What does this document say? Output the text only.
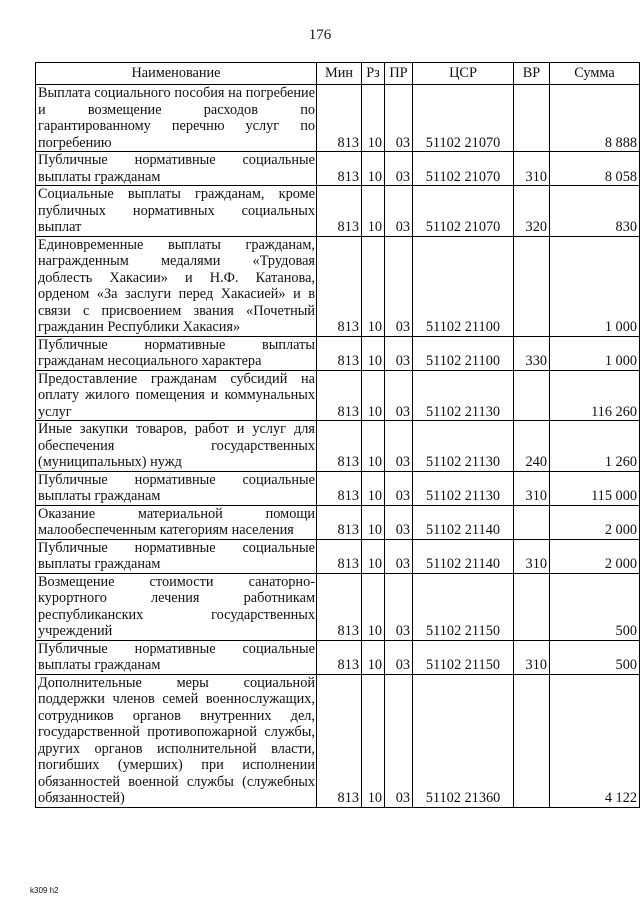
176
Наименование	Мин	Рз	ПР	ЦСР	ВР	Сумма
Выплата социального пособия на погребение и возмещение расходов по гарантированному перечню услуг по погребению	813	10	03	51102 21070		8 888
Публичные нормативные социальные выплаты гражданам	813	10	03	51102 21070	310	8 058
Социальные выплаты гражданам, кроме публичных нормативных социальных выплат	813	10	03	51102 21070	320	830
Единовременные выплаты гражданам, награжденным медалями «Трудовая доблесть Хакасии» и Н.Ф. Катанова, орденом «За заслуги перед Хакасией» и в связи с присвоением звания «Почетный гражданин Республики Хакасия»	813	10	03	51102 21100		1 000
Публичные нормативные выплаты гражданам несоциального характера	813	10	03	51102 21100	330	1 000
Предоставление гражданам субсидий на оплату жилого помещения и коммунальных услуг	813	10	03	51102 21130		116 260
Иные закупки товаров, работ и услуг для обеспечения государственных (муниципальных) нужд	813	10	03	51102 21130	240	1 260
Публичные нормативные социальные выплаты гражданам	813	10	03	51102 21130	310	115 000
Оказание материальной помощи малообеспеченным категориям населения	813	10	03	51102 21140		2 000
Публичные нормативные социальные выплаты гражданам	813	10	03	51102 21140	310	2 000
Возмещение стоимости санаторно-курортного лечения работникам республиканских государственных учреждений	813	10	03	51102 21150		500
Публичные нормативные социальные выплаты гражданам	813	10	03	51102 21150	310	500
Дополнительные меры социальной поддержки членов семей военнослужащих, сотрудников органов внутренних дел, государственной противопожарной службы, других органов исполнительной власти, погибших (умерших) при исполнении обязанностей военной службы (служебных обязанностей)	813	10	03	51102 21360		4 122
k309 h2
